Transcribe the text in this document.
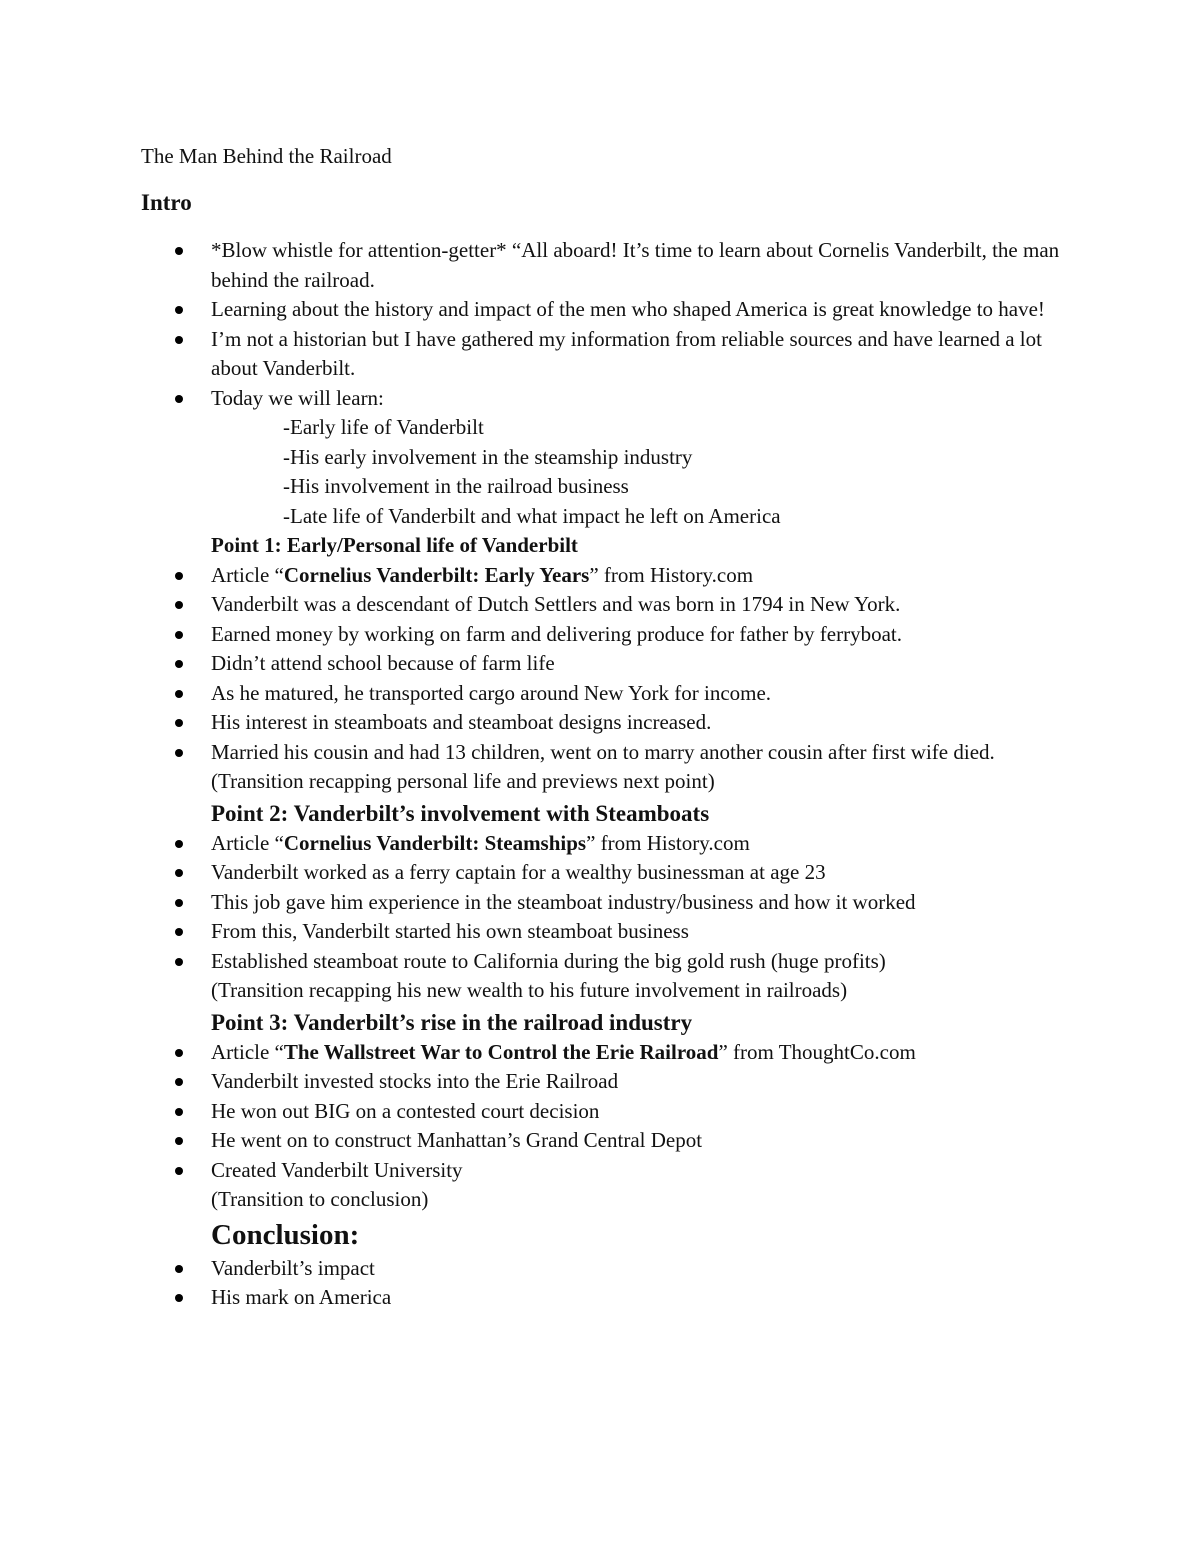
The Man Behind the Railroad
Intro
*Blow whistle for attention-getter* “All aboard! It’s time to learn about Cornelis Vanderbilt, the man behind the railroad.
Learning about the history and impact of the men who shaped America is great knowledge to have!
I’m not a historian but I have gathered my information from reliable sources and have learned a lot about Vanderbilt.
Today we will learn:
-Early life of Vanderbilt
-His early involvement in the steamship industry
-His involvement in the railroad business
-Late life of Vanderbilt and what impact he left on America
Point 1: Early/Personal life of Vanderbilt
Article “Cornelius Vanderbilt: Early Years” from History.com
Vanderbilt was a descendant of Dutch Settlers and was born in 1794 in New York.
Earned money by working on farm and delivering produce for father by ferryboat.
Didn’t attend school because of farm life
As he matured, he transported cargo around New York for income.
His interest in steamboats and steamboat designs increased.
Married his cousin and had 13 children, went on to marry another cousin after first wife died.
(Transition recapping personal life and previews next point)
Point 2: Vanderbilt’s involvement with Steamboats
Article “Cornelius Vanderbilt: Steamships” from History.com
Vanderbilt worked as a ferry captain for a wealthy businessman at age 23
This job gave him experience in the steamboat industry/business and how it worked
From this, Vanderbilt started his own steamboat business
Established steamboat route to California during the big gold rush (huge profits)
(Transition recapping his new wealth to his future involvement in railroads)
Point 3: Vanderbilt’s rise in the railroad industry
Article “The Wallstreet War to Control the Erie Railroad” from ThoughtCo.com
Vanderbilt invested stocks into the Erie Railroad
He won out BIG on a contested court decision
He went on to construct Manhattan’s Grand Central Depot
Created Vanderbilt University
(Transition to conclusion)
Conclusion:
Vanderbilt’s impact
His mark on America
